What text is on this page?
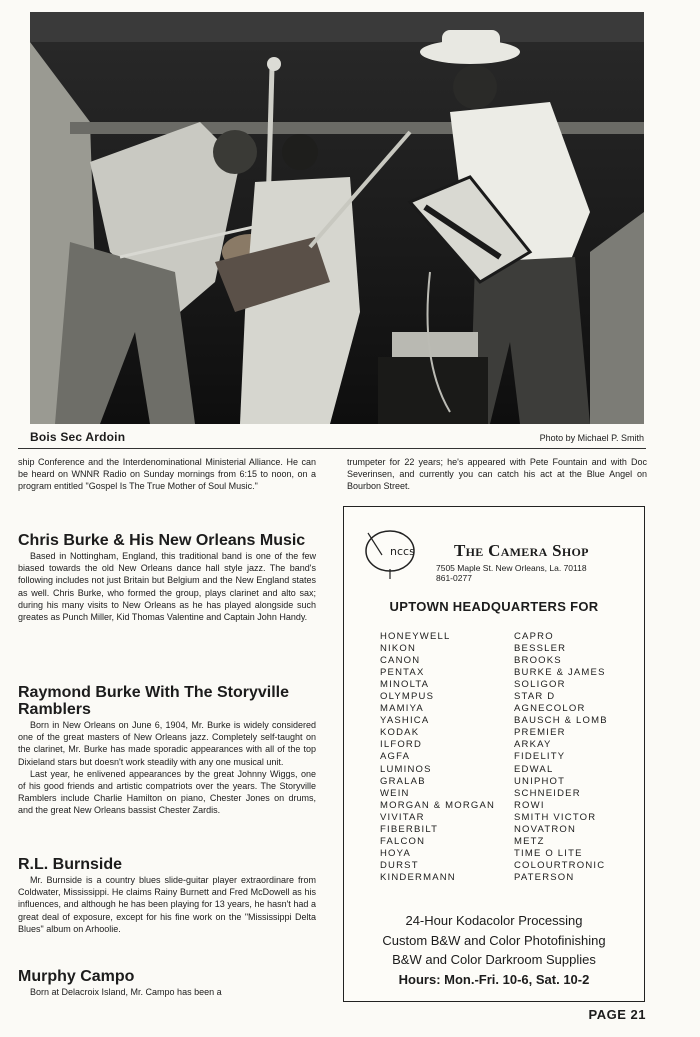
Bois Sec Ardoin	Photo by Michael P. Smith

ship Conference and the Interdenominational Ministerial Alliance. He can be heard on WNNR Radio on Sunday mornings from 6:15 to noon, on a program entitled "Gospel Is The True Mother of Soul Music."

Chris Burke & His New Orleans Music

Based in Nottingham, England, this traditional band is one of the few biased towards the old New Orleans dance hall style jazz. The band's following includes not just Britain but Belgium and the New England states as well. Chris Burke, who formed the group, plays clarinet and alto sax; during his many visits to New Orleans as he has played alongside such greates as Punch Miller, Kid Thomas Valentine and Captain John Handy.

Raymond Burke With The Storyville Ramblers

Born in New Orleans on June 6, 1904, Mr. Burke is widely considered one of the great masters of New Orleans jazz. Completely self-taught on the clarinet, Mr. Burke has made sporadic appearances with all of the top Dixieland stars but doesn't work steadily with any one musical unit.

Last year, he enlivened appearances by the great Johnny Wiggs, one of his good friends and artistic compatriots over the years. The Storyville Ramblers include Charlie Hamilton on piano, Chester Jones on drums, and the great New Orleans bassist Chester Zardis.

R.L. Burnside

Mr. Burnside is a country blues slide-guitar player extraordinare from Coldwater, Mississippi. He claims Rainy Burnett and Fred McDowell as his influences, and although he has been playing for 13 years, he hasn't had a great deal of exposure, except for his fine work on the "Mississippi Delta Blues" album on Arhoolie.

Murphy Campo

Born at Delacroix Island, Mr. Campo has been a

trumpeter for 22 years; he's appeared with Pete Fountain and with Doc Severinsen, and currently you can catch his act at the Blue Angel on Bourbon Street.

nccs The Camera Shop
7505 Maple St. New Orleans, La. 70118
861-0277
UPTOWN HEADQUARTERS FOR
HONEYWELL
NIKON
CANON
PENTAX
MINOLTA
OLYMPUS
MAMIYA
YASHICA
KODAK
ILFORD
AGFA
LUMINOS
GRALAB
WEIN
MORGAN & MORGAN
VIVITAR
FIBERBILT
FALCON
HOYA
DURST
KINDERMANN
CAPRO
BESSLER
BROOKS
BURKE & JAMES
SOLIGOR
STAR D
AGNECOLOR
BAUSCH & LOMB
PREMIER
ARKAY
FIDELITY
EDWAL
UNIPHOT
SCHNEIDER
ROWI
SMITH VICTOR
NOVATRON
METZ
TIME O LITE
COLOURTRONIC
PATERSON
24-Hour Kodacolor Processing
Custom B&W and Color Photofinishing
B&W and Color Darkroom Supplies
Hours: Mon.-Fri. 10-6, Sat. 10-2
PAGE 21
